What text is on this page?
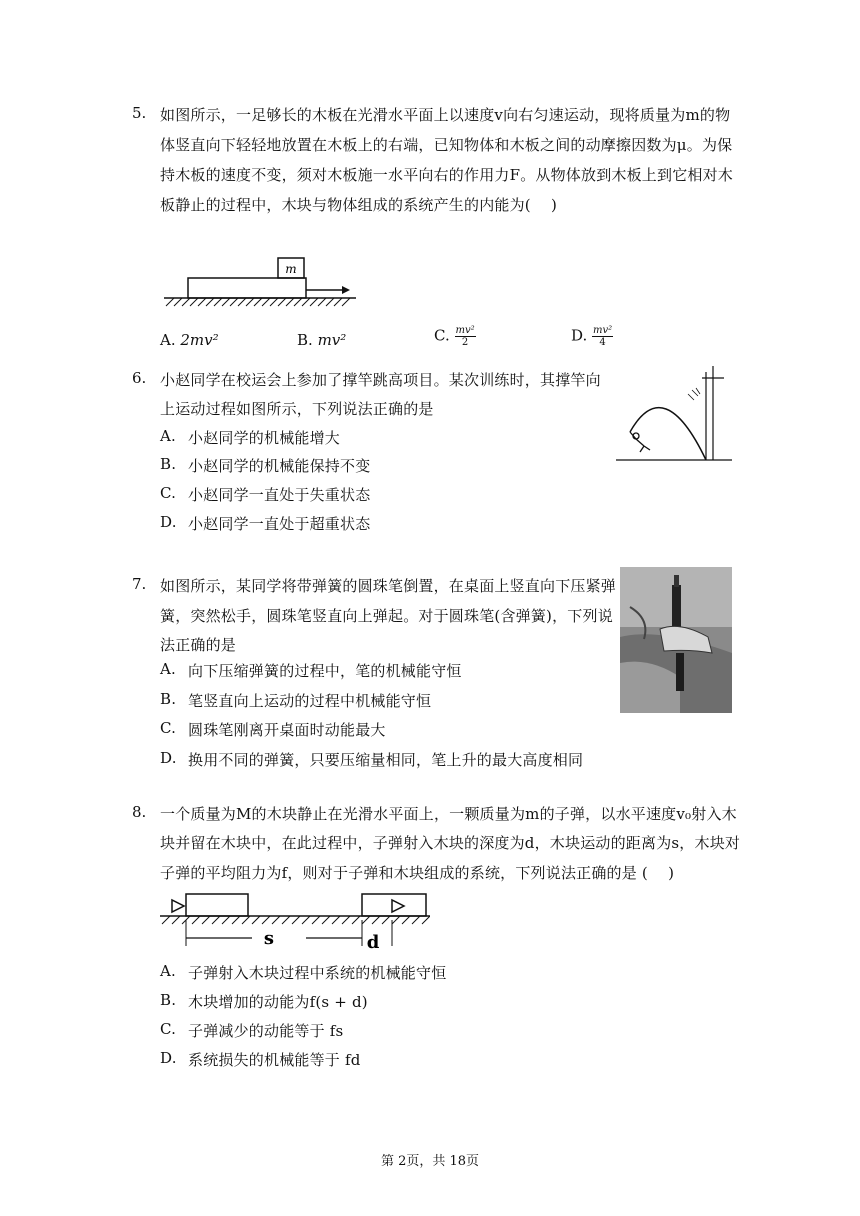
5. 如图所示，一足够长的木板在光滑水平面上以速度v向右匀速运动，现将质量为m的物
体竖直向下轻轻地放置在木板上的右端，已知物体和木板之间的动摩擦因数为μ。为保
持木板的速度不变，须对木板施一水平向右的作用力F。从物体放到木板上到它相对木
板静止的过程中，木块与物体组成的系统产生的内能为(　 )
m
A. 2mv²	B. mv²	C. $\frac{\text{mv²}}{2}$	D. $\frac{\text{mv²}}{4}$
6. 小赵同学在校运会上参加了撑竿跳高项目。某次训练时，其撑竿向
上运动过程如图所示，下列说法正确的是
A. 小赵同学的机械能增大
B. 小赵同学的机械能保持不变
C. 小赵同学一直处于失重状态
D. 小赵同学一直处于超重状态
7. 如图所示，某同学将带弹簧的圆珠笔倒置，在桌面上竖直向下压紧弹
簧，突然松手，圆珠笔竖直向上弹起。对于圆珠笔(含弹簧)，下列说
法正确的是
A. 向下压缩弹簧的过程中，笔的机械能守恒
B. 笔竖直向上运动的过程中机械能守恒
C. 圆珠笔刚离开桌面时动能最大
D. 换用不同的弹簧，只要压缩量相同，笔上升的最大高度相同
8. 一个质量为M的木块静止在光滑水平面上，一颗质量为m的子弹，以水平速度v₀射入木
块并留在木块中，在此过程中，子弹射入木块的深度为d，木块运动的距离为s，木块对
子弹的平均阻力为f，则对于子弹和木块组成的系统，下列说法正确的是 (　 )
s	d
A. 子弹射入木块过程中系统的机械能守恒
B. 木块增加的动能为f(s + d)
C. 子弹减少的动能等于 fs
D. 系统损失的机械能等于 fd
第 2页，共 18页
